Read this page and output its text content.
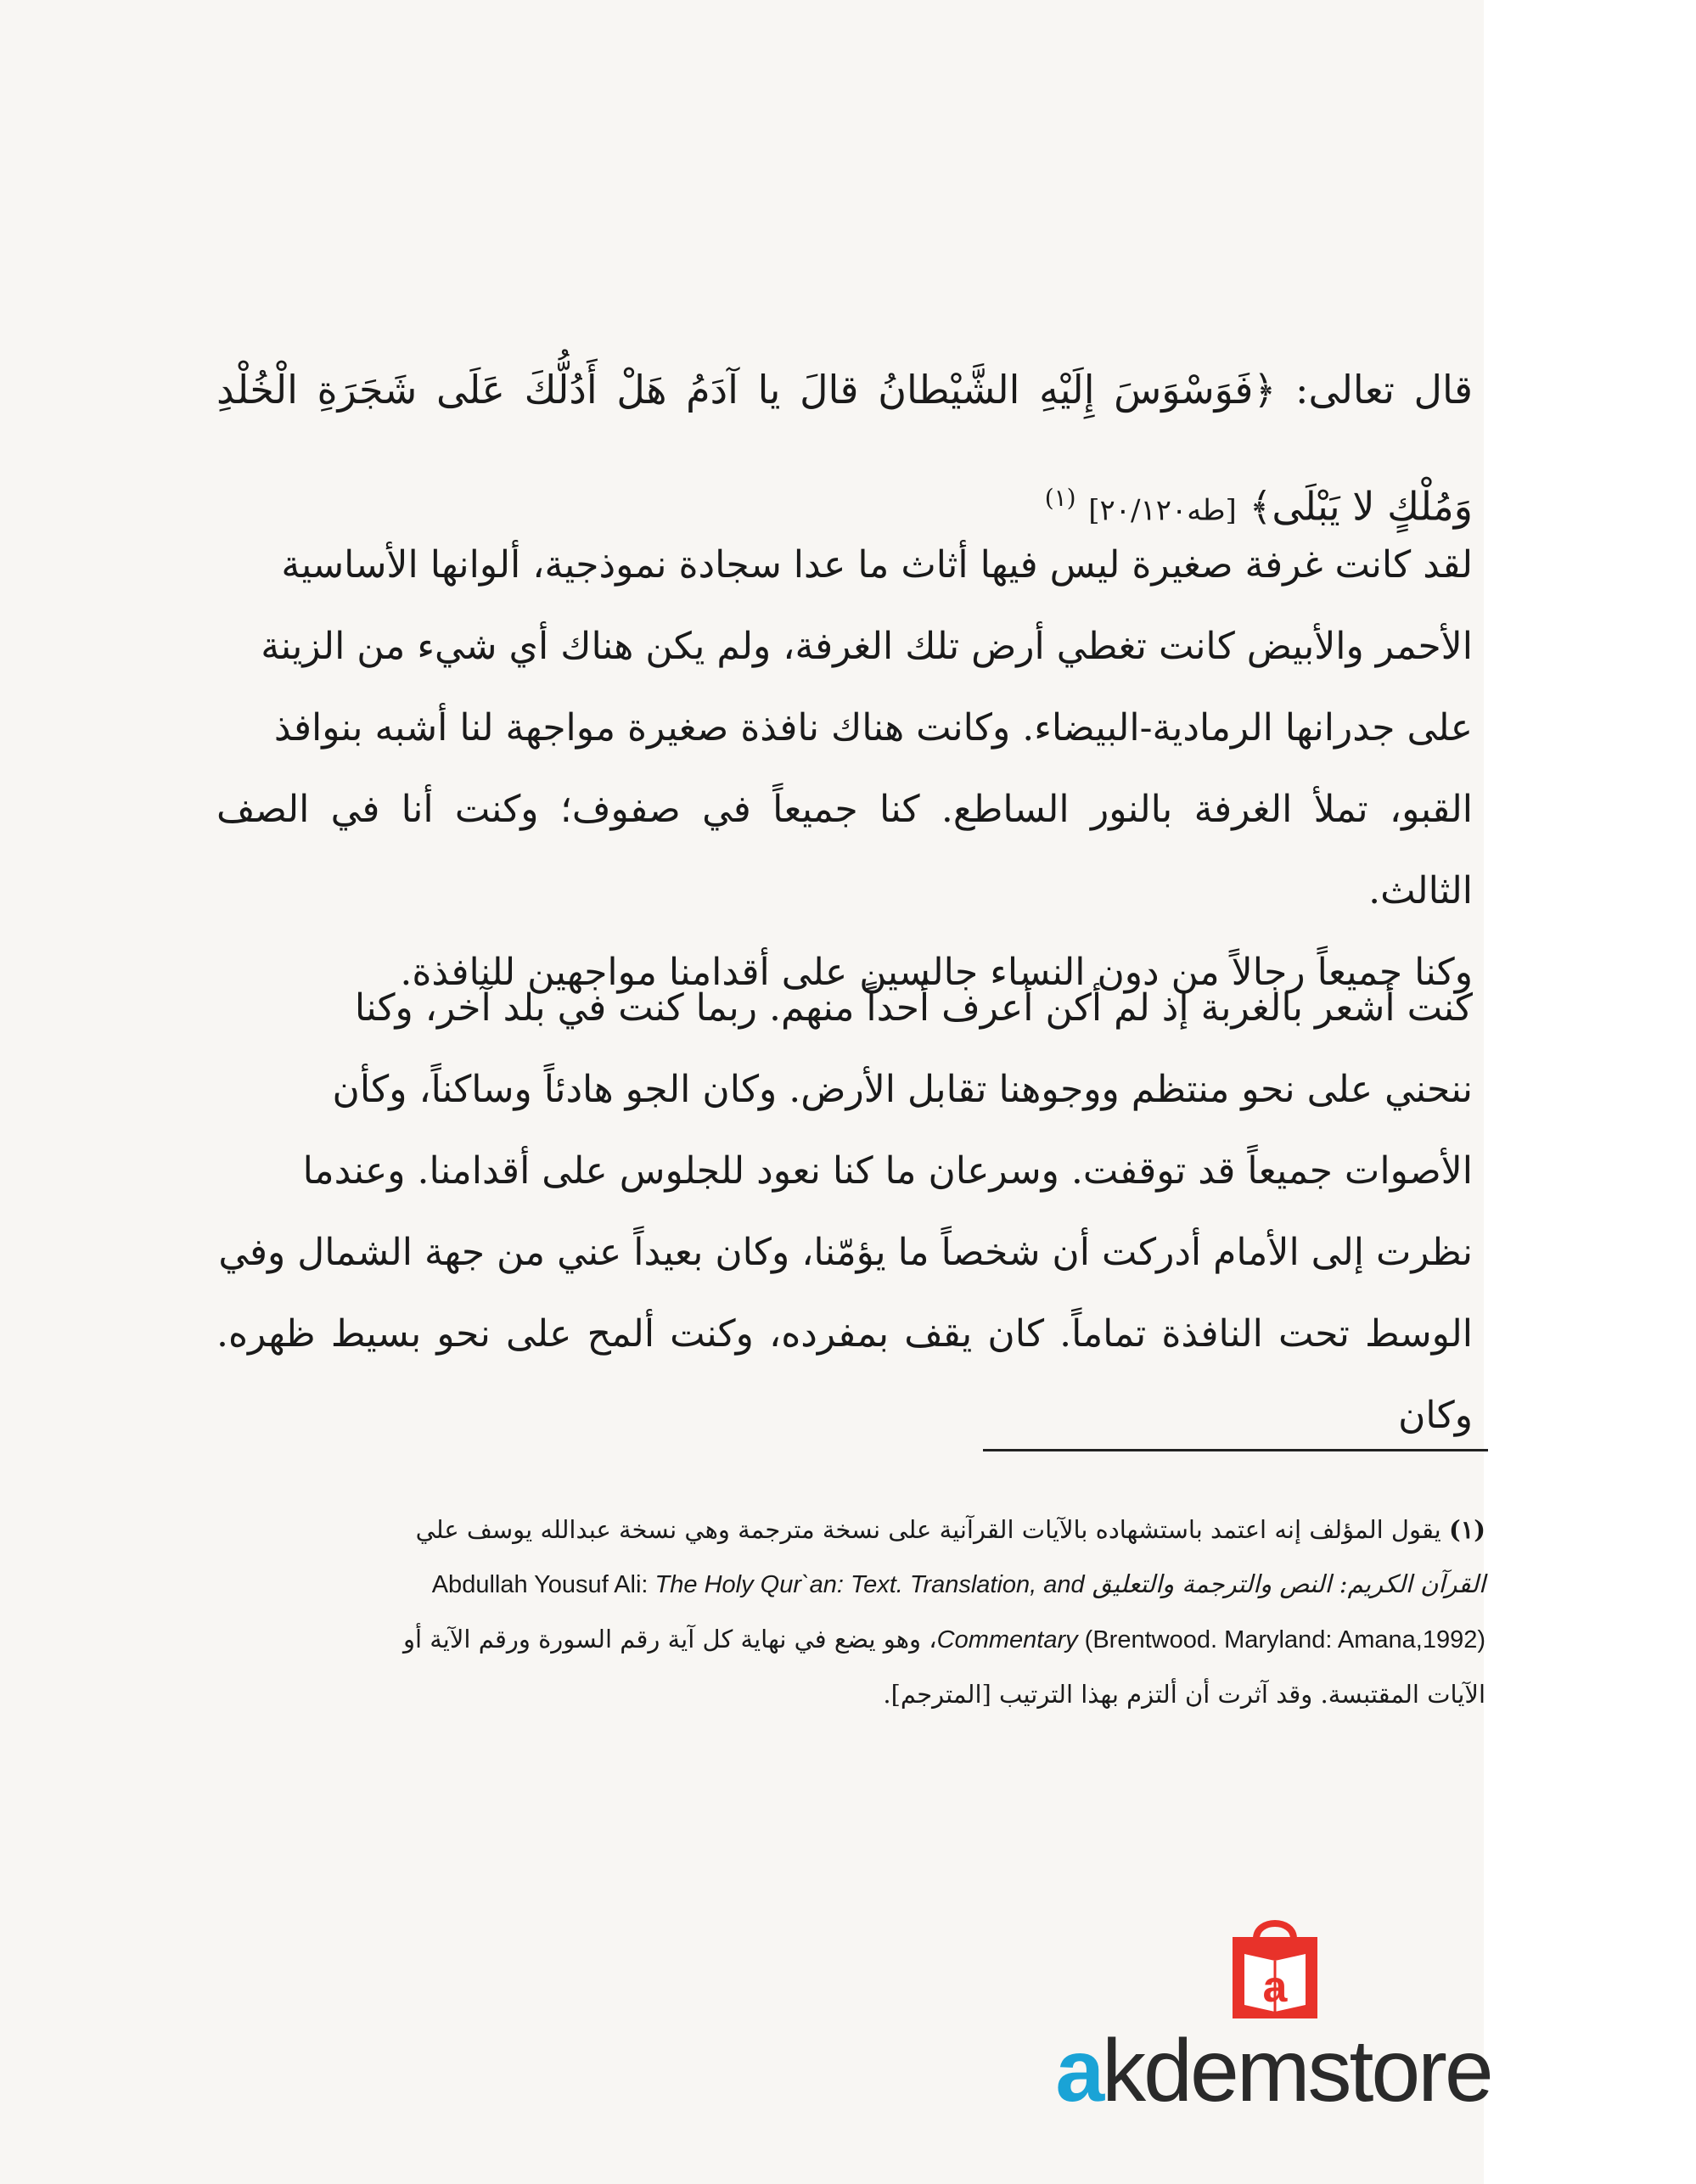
قال تعالى: ﴿فَوَسْوَسَ إِلَيْهِ الشَّيْطانُ قالَ يا آدَمُ هَلْ أَدُلُّكَ عَلَى شَجَرَةِ الْخُلْدِ وَمُلْكٍ لا يَبْلَى﴾ [طه٢٠/١٢٠] $^{(١)}$

لقد كانت غرفة صغيرة ليس فيها أثاث ما عدا سجادة نموذجية، ألوانها الأساسية

الأحمر والأبيض كانت تغطي أرض تلك الغرفة، ولم يكن هناك أي شيء من الزينة

على جدرانها الرمادية-البيضاء. وكانت هناك نافذة صغيرة مواجهة لنا أشبه بنوافذ

القبو، تملأ الغرفة بالنور الساطع. كنا جميعاً في صفوف؛ وكنت أنا في الصف الثالث.

وكنا جميعاً رجالاً من دون النساء جالسين على أقدامنا مواجهين للنافذة.

كنت أشعر بالغربة إذ لم أكن أعرف أحداً منهم. ربما كنت في بلد آخر، وكنا

ننحني على نحو منتظم ووجوهنا تقابل الأرض. وكان الجو هادئاً وساكناً، وكأن

الأصوات جميعاً قد توقفت. وسرعان ما كنا نعود للجلوس على أقدامنا. وعندما

نظرت إلى الأمام أدركت أن شخصاً ما يؤمّنا، وكان بعيداً عني من جهة الشمال وفي

الوسط تحت النافذة تماماً. كان يقف بمفرده، وكنت ألمح على نحو بسيط ظهره. وكان

(١) يقول المؤلف إنه اعتمد باستشهاده بالآيات القرآنية على نسخة مترجمة وهي نسخة عبدالله يوسف علي

القرآن الكريم: النص والترجمة والتعليق Abdullah Yousuf Ali: The Holy Qur`an: Text. Translation, and

Commentary (Brentwood. Maryland: Amana,1992)، وهو يضع في نهاية كل آية رقم السورة ورقم الآية أو

الآيات المقتبسة. وقد آثرت أن ألتزم بهذا الترتيب [المترجم].

a
akdemstore
